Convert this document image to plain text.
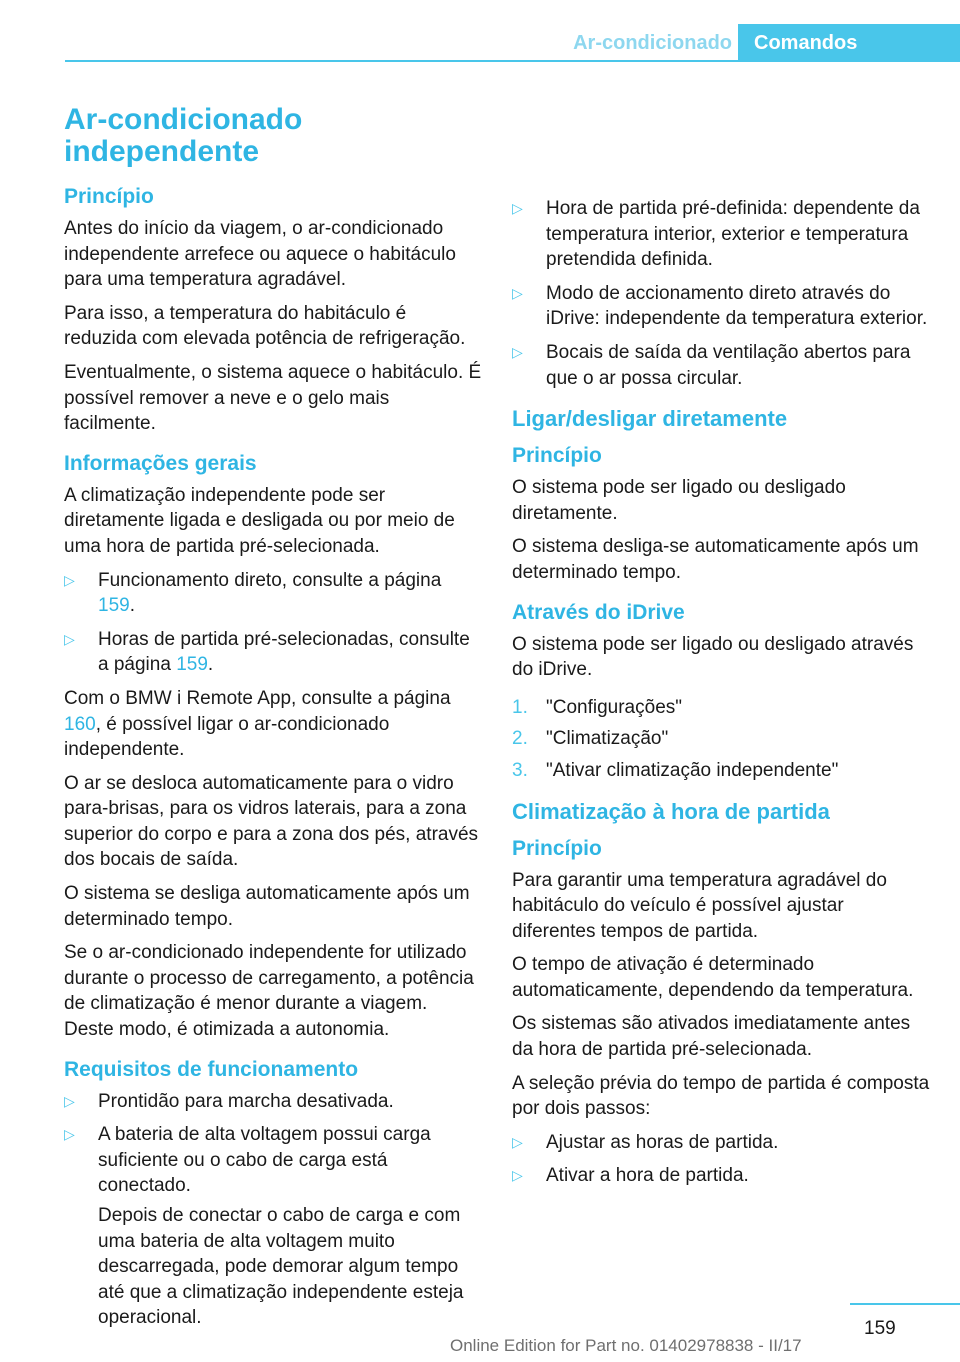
Ar-condicionado	Comandos
Ar-condicionado independente
Princípio

Antes do início da viagem, o ar-condicionado independente arrefece ou aquece o habitáculo para uma temperatura agradável.

Para isso, a temperatura do habitáculo é reduzida com elevada potência de refrigeração.

Eventualmente, o sistema aquece o habitáculo. É possível remover a neve e o gelo mais facilmente.

Informações gerais

A climatização independente pode ser diretamente ligada e desligada ou por meio de uma hora de partida pré-selecionada.

▷ Funcionamento direto, consulte a página 159.
▷ Horas de partida pré-selecionadas, consulte a página 159.

Com o BMW i Remote App, consulte a página 160, é possível ligar o ar-condicionado independente.

O ar se desloca automaticamente para o vidro para-brisas, para os vidros laterais, para a zona superior do corpo e para a zona dos pés, através dos bocais de saída.

O sistema se desliga automaticamente após um determinado tempo.

Se o ar-condicionado independente for utilizado durante o processo de carregamento, a potência de climatização é menor durante a viagem. Deste modo, é otimizada a autonomia.

Requisitos de funcionamento
▷ Prontidão para marcha desativada.
▷ A bateria de alta voltagem possui carga suficiente ou o cabo de carga está conectado.
Depois de conectar o cabo de carga e com uma bateria de alta voltagem muito descarregada, pode demorar algum tempo até que a climatização independente esteja operacional.
▷ Hora de partida pré-definida: dependente da temperatura interior, exterior e temperatura pretendida definida.
▷ Modo de accionamento direto através do iDrive: independente da temperatura exterior.
▷ Bocais de saída da ventilação abertos para que o ar possa circular.
Ligar/desligar diretamente
Princípio

O sistema pode ser ligado ou desligado diretamente.

O sistema desliga-se automaticamente após um determinado tempo.

Através do iDrive

O sistema pode ser ligado ou desligado através do iDrive.

1. "Configurações"
2. "Climatização"
3. "Ativar climatização independente"
Climatização à hora de partida
Princípio

Para garantir uma temperatura agradável do habitáculo do veículo é possível ajustar diferentes tempos de partida.

O tempo de ativação é determinado automaticamente, dependendo da temperatura.

Os sistemas são ativados imediatamente antes da hora de partida pré-selecionada.

A seleção prévia do tempo de partida é composta por dois passos:

▷ Ajustar as horas de partida.
▷ Ativar a hora de partida.
159
Online Edition for Part no. 01402978838 - II/17
